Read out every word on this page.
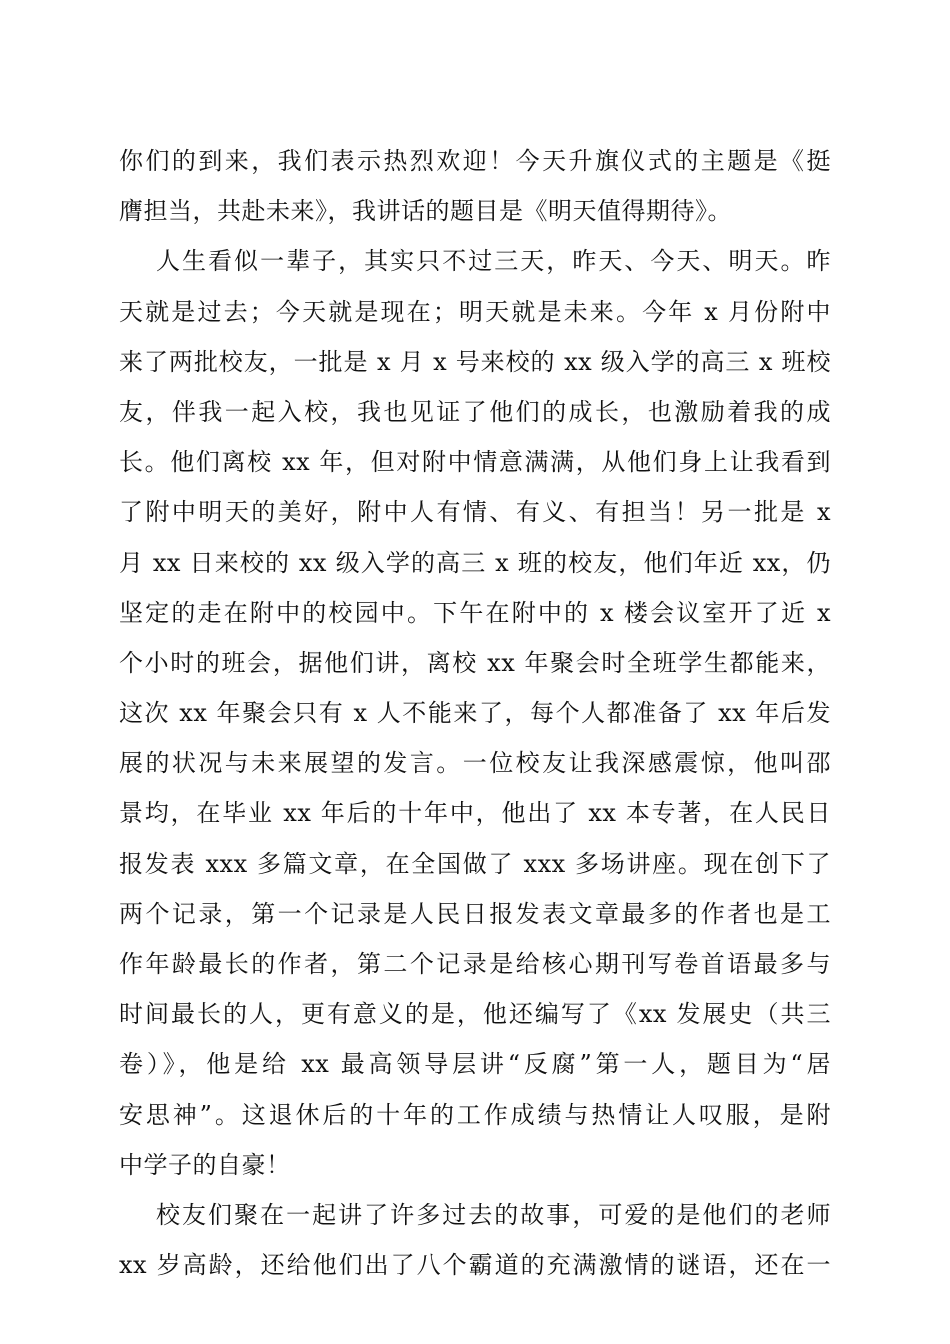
你们的到来，我们表示热烈欢迎！今天升旗仪式的主题是《挺
膺担当，共赴未来》，我讲话的题目是《明天值得期待》。
人生看似一辈子，其实只不过三天，昨天、今天、明天。昨
天就是过去；今天就是现在；明天就是未来。今年 x 月份附中
来了两批校友，一批是 x 月 x 号来校的 xx 级入学的高三 x 班校
友，伴我一起入校，我也见证了他们的成长，也激励着我的成
长。他们离校 xx 年，但对附中情意满满，从他们身上让我看到
了附中明天的美好，附中人有情、有义、有担当！另一批是 x
月 xx 日来校的 xx 级入学的高三 x 班的校友，他们年近 xx，仍
坚定的走在附中的校园中。下午在附中的 x 楼会议室开了近 x
个小时的班会，据他们讲，离校 xx 年聚会时全班学生都能来，
这次 xx 年聚会只有 x 人不能来了，每个人都准备了 xx 年后发
展的状况与未来展望的发言。一位校友让我深感震惊，他叫邵
景均，在毕业 xx 年后的十年中，他出了 xx 本专著，在人民日
报发表 xxx 多篇文章，在全国做了 xxx 多场讲座。现在创下了
两个记录，第一个记录是人民日报发表文章最多的作者也是工
作年龄最长的作者，第二个记录是给核心期刊写卷首语最多与
时间最长的人，更有意义的是，他还编写了《xx 发展史（共三
卷）》，他是给 xx 最高领导层讲“反腐”第一人，题目为“居
安思神”。这退休后的十年的工作成绩与热情让人叹服，是附
中学子的自豪！
校友们聚在一起讲了许多过去的故事，可爱的是他们的老师
xx 岁高龄，还给他们出了八个霸道的充满激情的谜语，还在一
